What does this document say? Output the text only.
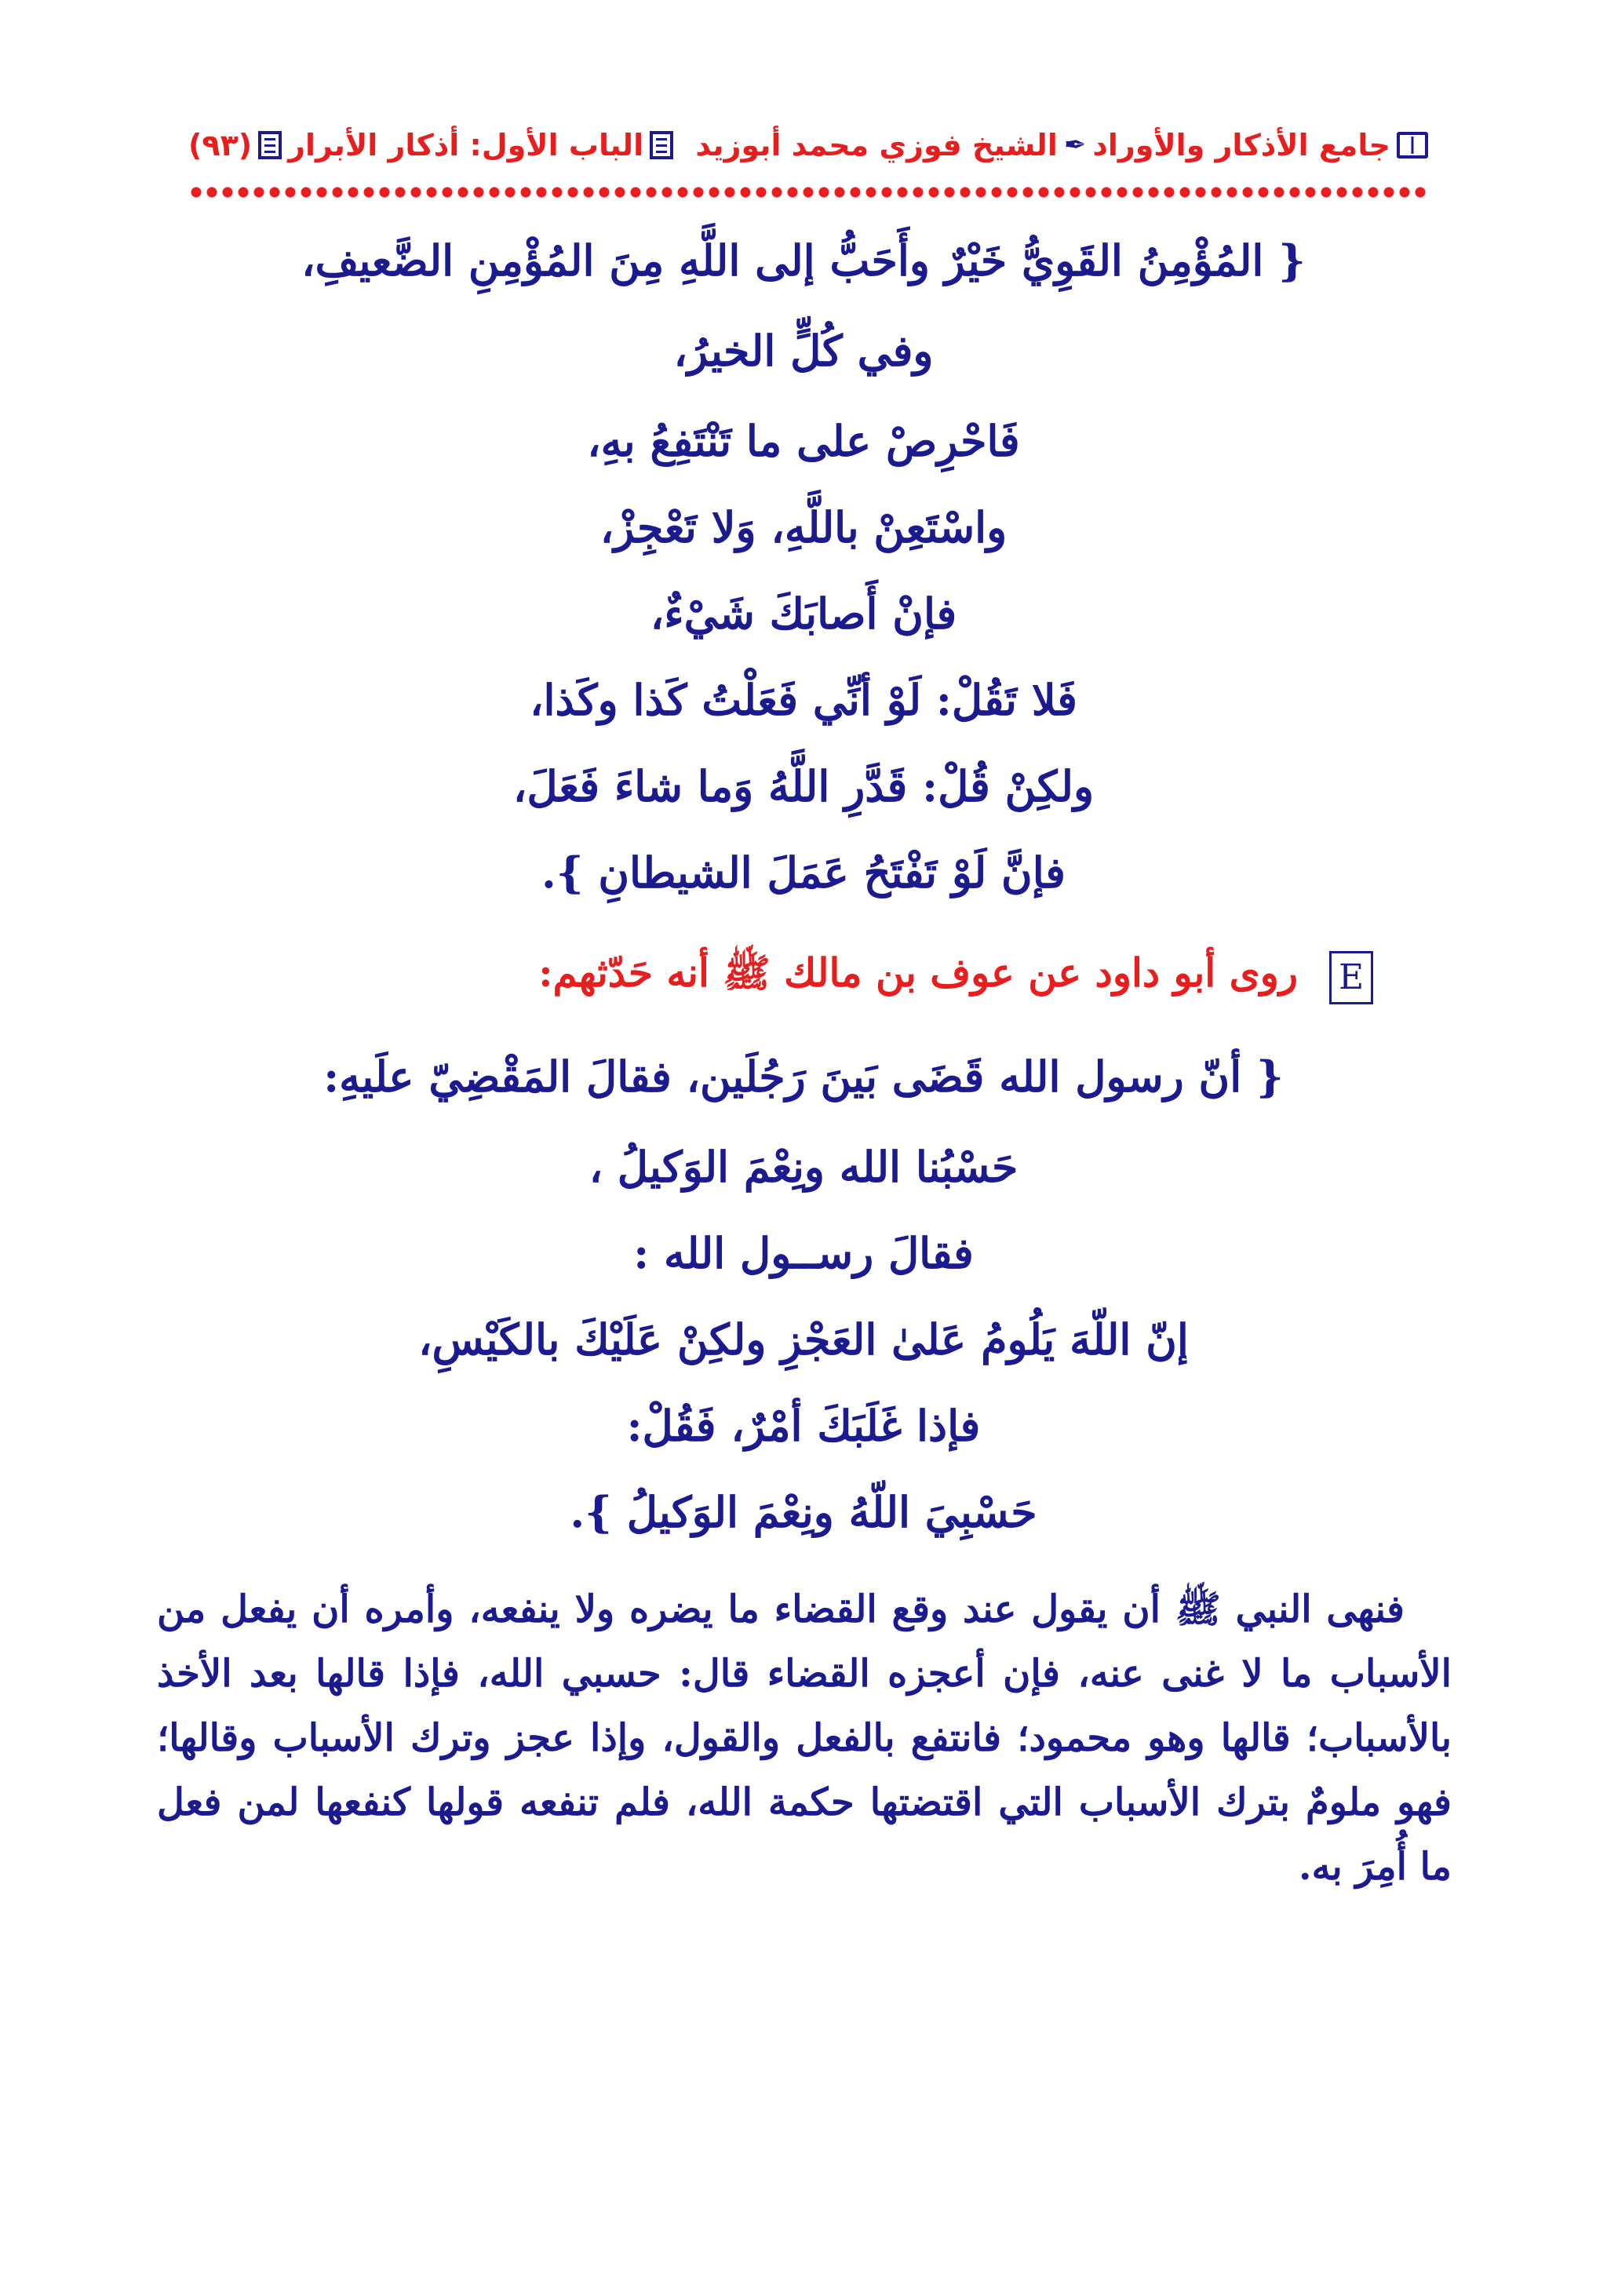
جامع الأذكار والأوراد
✒
الشيخ فوزي محمد أبوزيد
الباب الأول: أذكار الأبرار
(٩٣)
{ المُؤْمِنُ القَوِيُّ خَيْرٌ وأَحَبُّ إلى اللَّهِ مِنَ المُؤْمِنِ الضَّعيفِ،
وفي كُلٍّ الخيرُ،
فَاحْرِصْ على ما تَنْتَفِعُ بهِ،
واسْتَعِنْ باللَّهِ، وَلا تَعْجِزْ،
فإنْ أَصابَكَ شَيْءٌ،
فَلا تَقُلْ: لَوْ أنِّي فَعَلْتُ كَذا وكَذا،
ولكِنْ قُلْ: قَدَّرِ اللَّهُ وَما شاءَ فَعَلَ،
فإنَّ لَوْ تَفْتَحُ عَمَلَ الشيطانِ }.
E
روى أبو داود عن عوف بن مالك ﷺ أنه حَدّثهم:
{ أنّ رسول الله قَضَى بَينَ رَجُلَين، فقالَ المَقْضِيّ علَيهِ:
حَسْبُنا الله ونِعْمَ الوَكيلُ ،
فقالَ رســول الله :
إنّ اللّهَ يَلُومُ عَلىٰ العَجْزِ ولكِنْ عَلَيْكَ بالكَيْسِ،
فإذا غَلَبَكَ أمْرٌ، فَقُلْ:
حَسْبِيَ اللّهُ ونِعْمَ الوَكيلُ }.
فنهى النبي ﷺ أن يقول عند وقع القضاء ما يضره ولا ينفعه، وأمره أن يفعل من الأسباب ما لا غنى عنه، فإن أعجزه القضاء قال: حسبي الله، فإذا قالها بعد الأخذ بالأسباب؛ قالها وهو محمود؛ فانتفع بالفعل والقول، وإذا عجز وترك الأسباب وقالها؛ فهو ملومٌ بترك الأسباب التي اقتضتها حكمة الله، فلم تنفعه قولها كنفعها لمن فعل ما أُمِرَ به.
